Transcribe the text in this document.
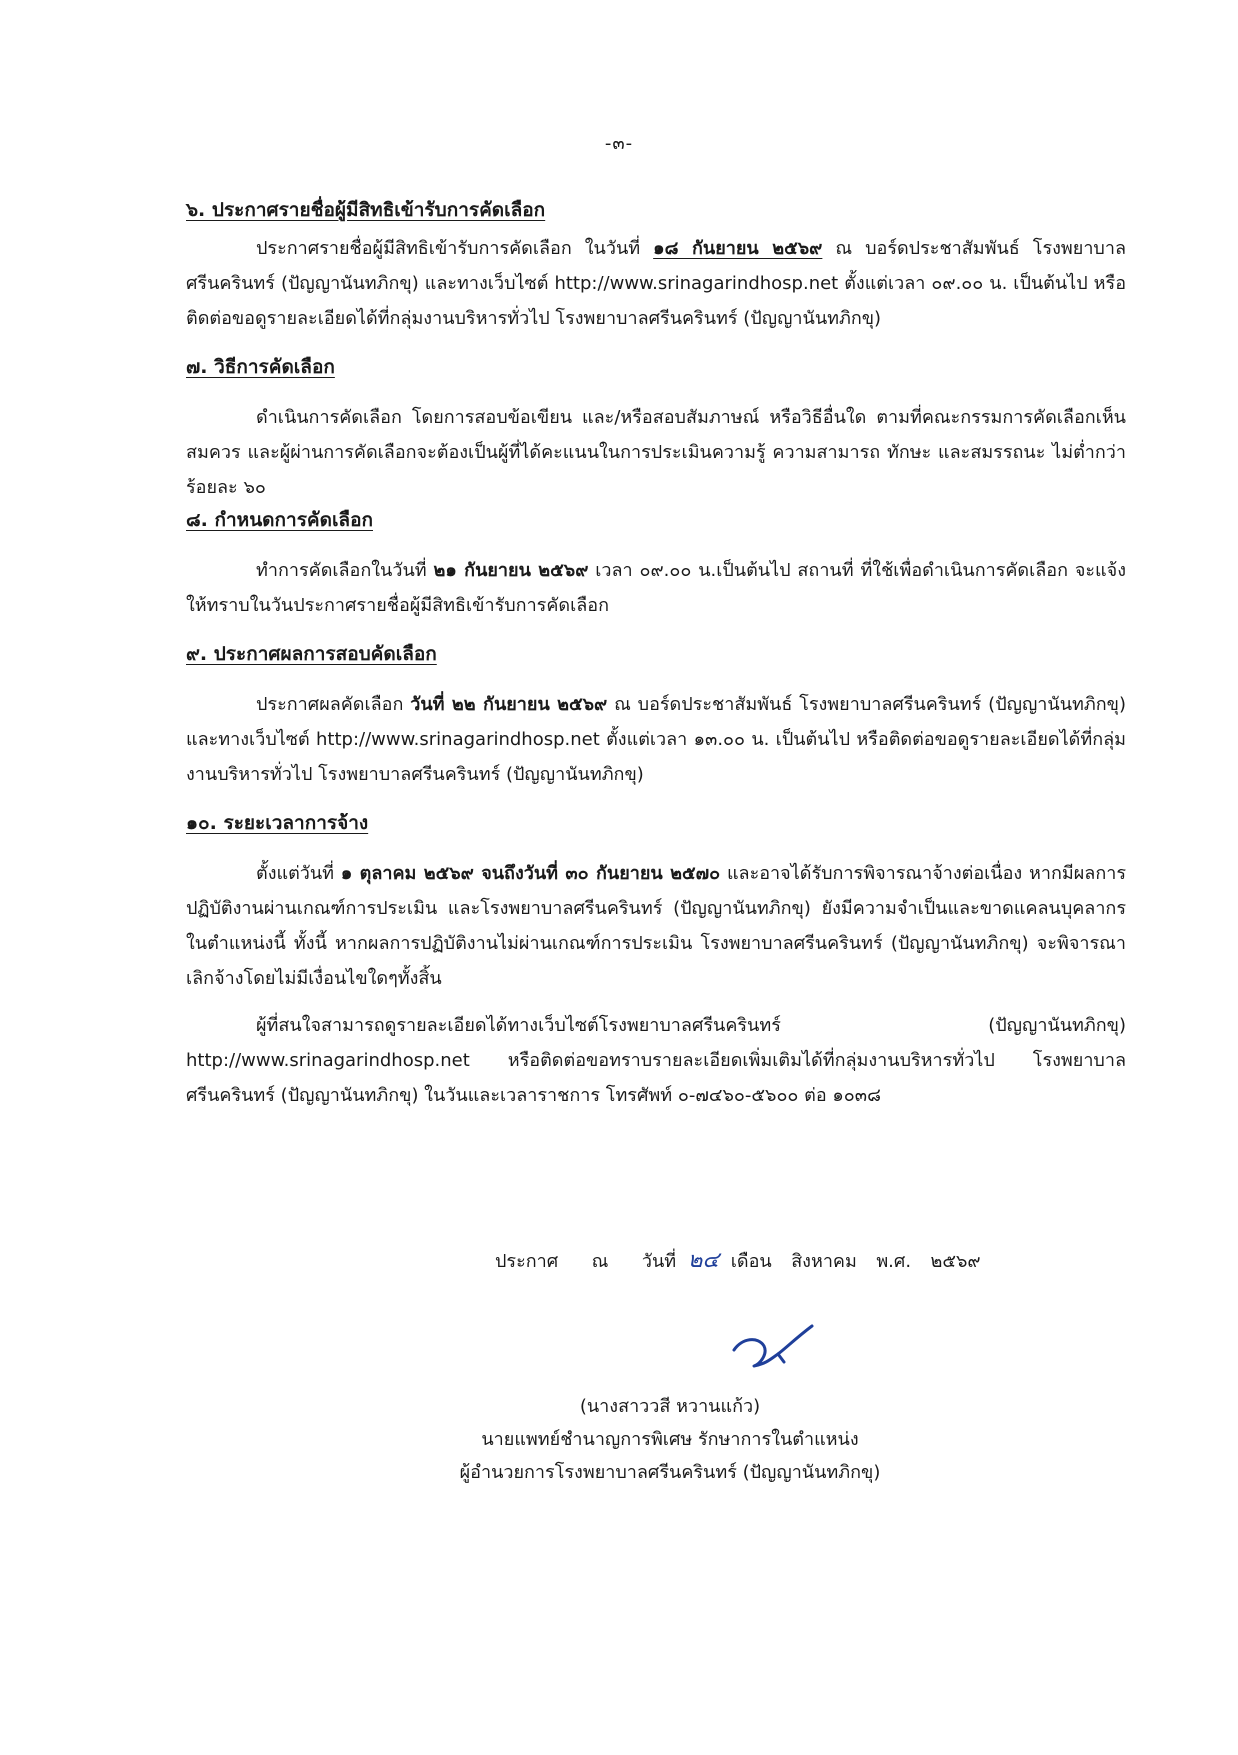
-๓-
๖. ประกาศรายชื่อผู้มีสิทธิเข้ารับการคัดเลือก

ประกาศรายชื่อผู้มีสิทธิเข้ารับการคัดเลือก ในวันที่ ๑๘ กันยายน ๒๕๖๙ ณ บอร์ดประชาสัมพันธ์ โรงพยาบาลศรีนครินทร์ (ปัญญานันทภิกขุ) และทางเว็บไซต์ http://www.srinagarindhosp.net ตั้งแต่เวลา ๐๙.๐๐ น. เป็นต้นไป หรือติดต่อขอดูรายละเอียดได้ที่กลุ่มงานบริหารทั่วไป โรงพยาบาลศรีนครินทร์ (ปัญญานันทภิกขุ)

๗. วิธีการคัดเลือก

ดำเนินการคัดเลือก โดยการสอบข้อเขียน และ/หรือสอบสัมภาษณ์ หรือวิธีอื่นใด ตามที่คณะกรรมการคัดเลือกเห็นสมควร และผู้ผ่านการคัดเลือกจะต้องเป็นผู้ที่ได้คะแนนในการประเมินความรู้ ความสามารถ ทักษะ และสมรรถนะ ไม่ต่ำกว่าร้อยละ ๖๐

๘. กำหนดการคัดเลือก

ทำการคัดเลือกในวันที่ ๒๑ กันยายน ๒๕๖๙ เวลา ๐๙.๐๐ น.เป็นต้นไป สถานที่ ที่ใช้เพื่อดำเนินการคัดเลือก จะแจ้งให้ทราบในวันประกาศรายชื่อผู้มีสิทธิเข้ารับการคัดเลือก

๙. ประกาศผลการสอบคัดเลือก

ประกาศผลคัดเลือก วันที่ ๒๒ กันยายน ๒๕๖๙ ณ บอร์ดประชาสัมพันธ์ โรงพยาบาลศรีนครินทร์ (ปัญญานันทภิกขุ) และทางเว็บไซต์ http://www.srinagarindhosp.net ตั้งแต่เวลา ๑๓.๐๐ น. เป็นต้นไป หรือติดต่อขอดูรายละเอียดได้ที่กลุ่มงานบริหารทั่วไป โรงพยาบาลศรีนครินทร์ (ปัญญานันทภิกขุ)

๑๐. ระยะเวลาการจ้าง

ตั้งแต่วันที่ ๑ ตุลาคม ๒๕๖๙ จนถึงวันที่ ๓๐ กันยายน ๒๕๗๐ และอาจได้รับการพิจารณาจ้างต่อเนื่อง หากมีผลการปฏิบัติงานผ่านเกณฑ์การประเมิน และโรงพยาบาลศรีนครินทร์ (ปัญญานันทภิกขุ) ยังมีความจำเป็นและขาดแคลนบุคลากรในตำแหน่งนี้ ทั้งนี้ หากผลการปฏิบัติงานไม่ผ่านเกณฑ์การประเมิน โรงพยาบาลศรีนครินทร์ (ปัญญานันทภิกขุ) จะพิจารณาเลิกจ้างโดยไม่มีเงื่อนไขใดๆทั้งสิ้น

ผู้ที่สนใจสามารถดูรายละเอียดได้ทางเว็บไซต์โรงพยาบาลศรีนครินทร์ (ปัญญานันทภิกขุ) http://www.srinagarindhosp.net หรือติดต่อขอทราบรายละเอียดเพิ่มเติมได้ที่กลุ่มงานบริหารทั่วไป โรงพยาบาลศรีนครินทร์ (ปัญญานันทภิกขุ) ในวันและเวลาราชการ โทรศัพท์ ๐-๗๔๖๐-๕๖๐๐ ต่อ ๑๐๓๘

ประกาศ ณ วันที่ ๒๔ เดือน สิงหาคม พ.ศ. ๒๕๖๙
(นางสาววสี หวานแก้ว)
นายแพทย์ชำนาญการพิเศษ รักษาการในตำแหน่ง
ผู้อำนวยการโรงพยาบาลศรีนครินทร์ (ปัญญานันทภิกขุ)
